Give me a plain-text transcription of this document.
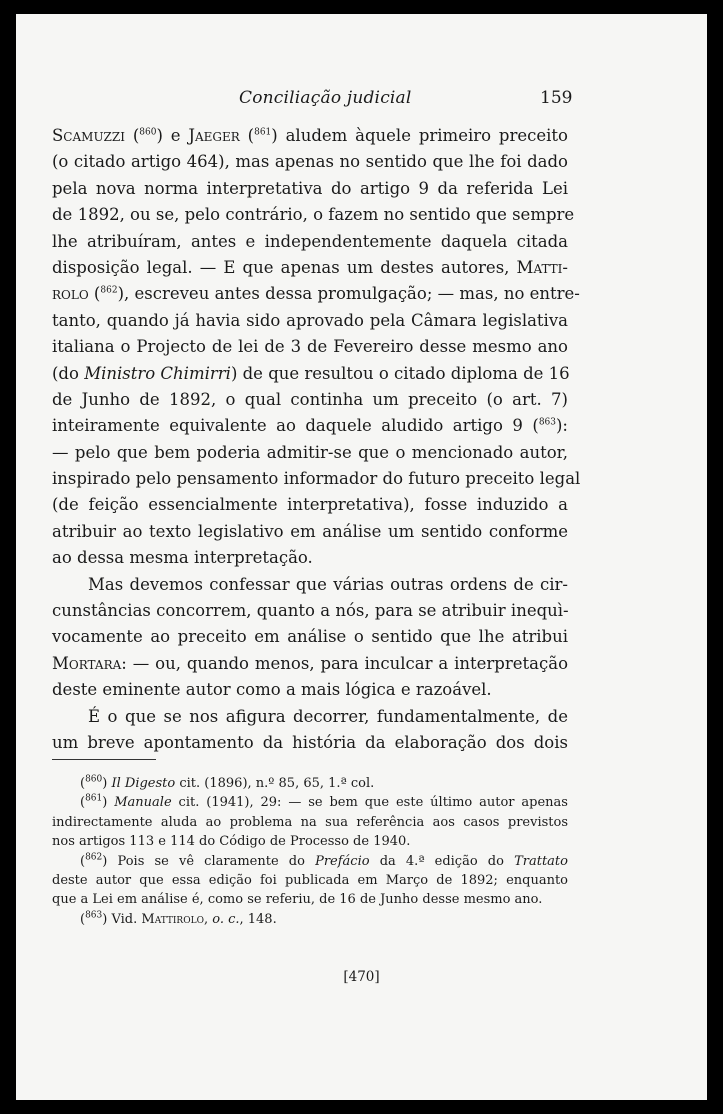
Conciliação judicial	159
Scamuzzi ($^{860}$) e Jaeger ($^{861}$) aludem àquele primeiro preceito
(o citado artigo 464), mas apenas no sentido que lhe foi dado
pela nova norma interpretativa do artigo 9 da referida Lei
de 1892, ou se, pelo contrário, o fazem no sentido que sempre
lhe atribuíram, antes e independentemente daquela citada
disposição legal. — E que apenas um destes autores, Matti-
rolo ($^{862}$), escreveu antes dessa promulgação; — mas, no entre-
tanto, quando já havia sido aprovado pela Câmara legislativa
italiana o Projecto de lei de 3 de Fevereiro desse mesmo ano
(do Ministro Chimirri) de que resultou o citado diploma de 16
de Junho de 1892, o qual continha um preceito (o art. 7)
inteiramente equivalente ao daquele aludido artigo 9 ($^{863}$):
— pelo que bem poderia admitir-se que o mencionado autor,
inspirado pelo pensamento informador do futuro preceito legal
(de feição essencialmente interpretativa), fosse induzido a
atribuir ao texto legislativo em análise um sentido conforme
ao dessa mesma interpretação.
Mas devemos confessar que várias outras ordens de cir-
cunstâncias concorrem, quanto a nós, para se atribuir inequì-
vocamente ao preceito em análise o sentido que lhe atribui
Mortara: — ou, quando menos, para inculcar a interpretação
deste eminente autor como a mais lógica e razoável.
É o que se nos afigura decorrer, fundamentalmente, de
um breve apontamento da história da elaboração dos dois
($^{860}$) Il Digesto cit. (1896), n.º 85, 65, 1.ª col.
($^{861}$) Manuale cit. (1941), 29: — se bem que este último autor apenas
indirectamente aluda ao problema na sua referência aos casos previstos
nos artigos 113 e 114 do Código de Processo de 1940.
($^{862}$) Pois se vê claramente do Prefácio da 4.ª edição do Trattato
deste autor que essa edição foi publicada em Março de 1892; enquanto
que a Lei em análise é, como se referiu, de 16 de Junho desse mesmo ano.
($^{863}$) Vid. Mattirolo, o. c., 148.
[470]
